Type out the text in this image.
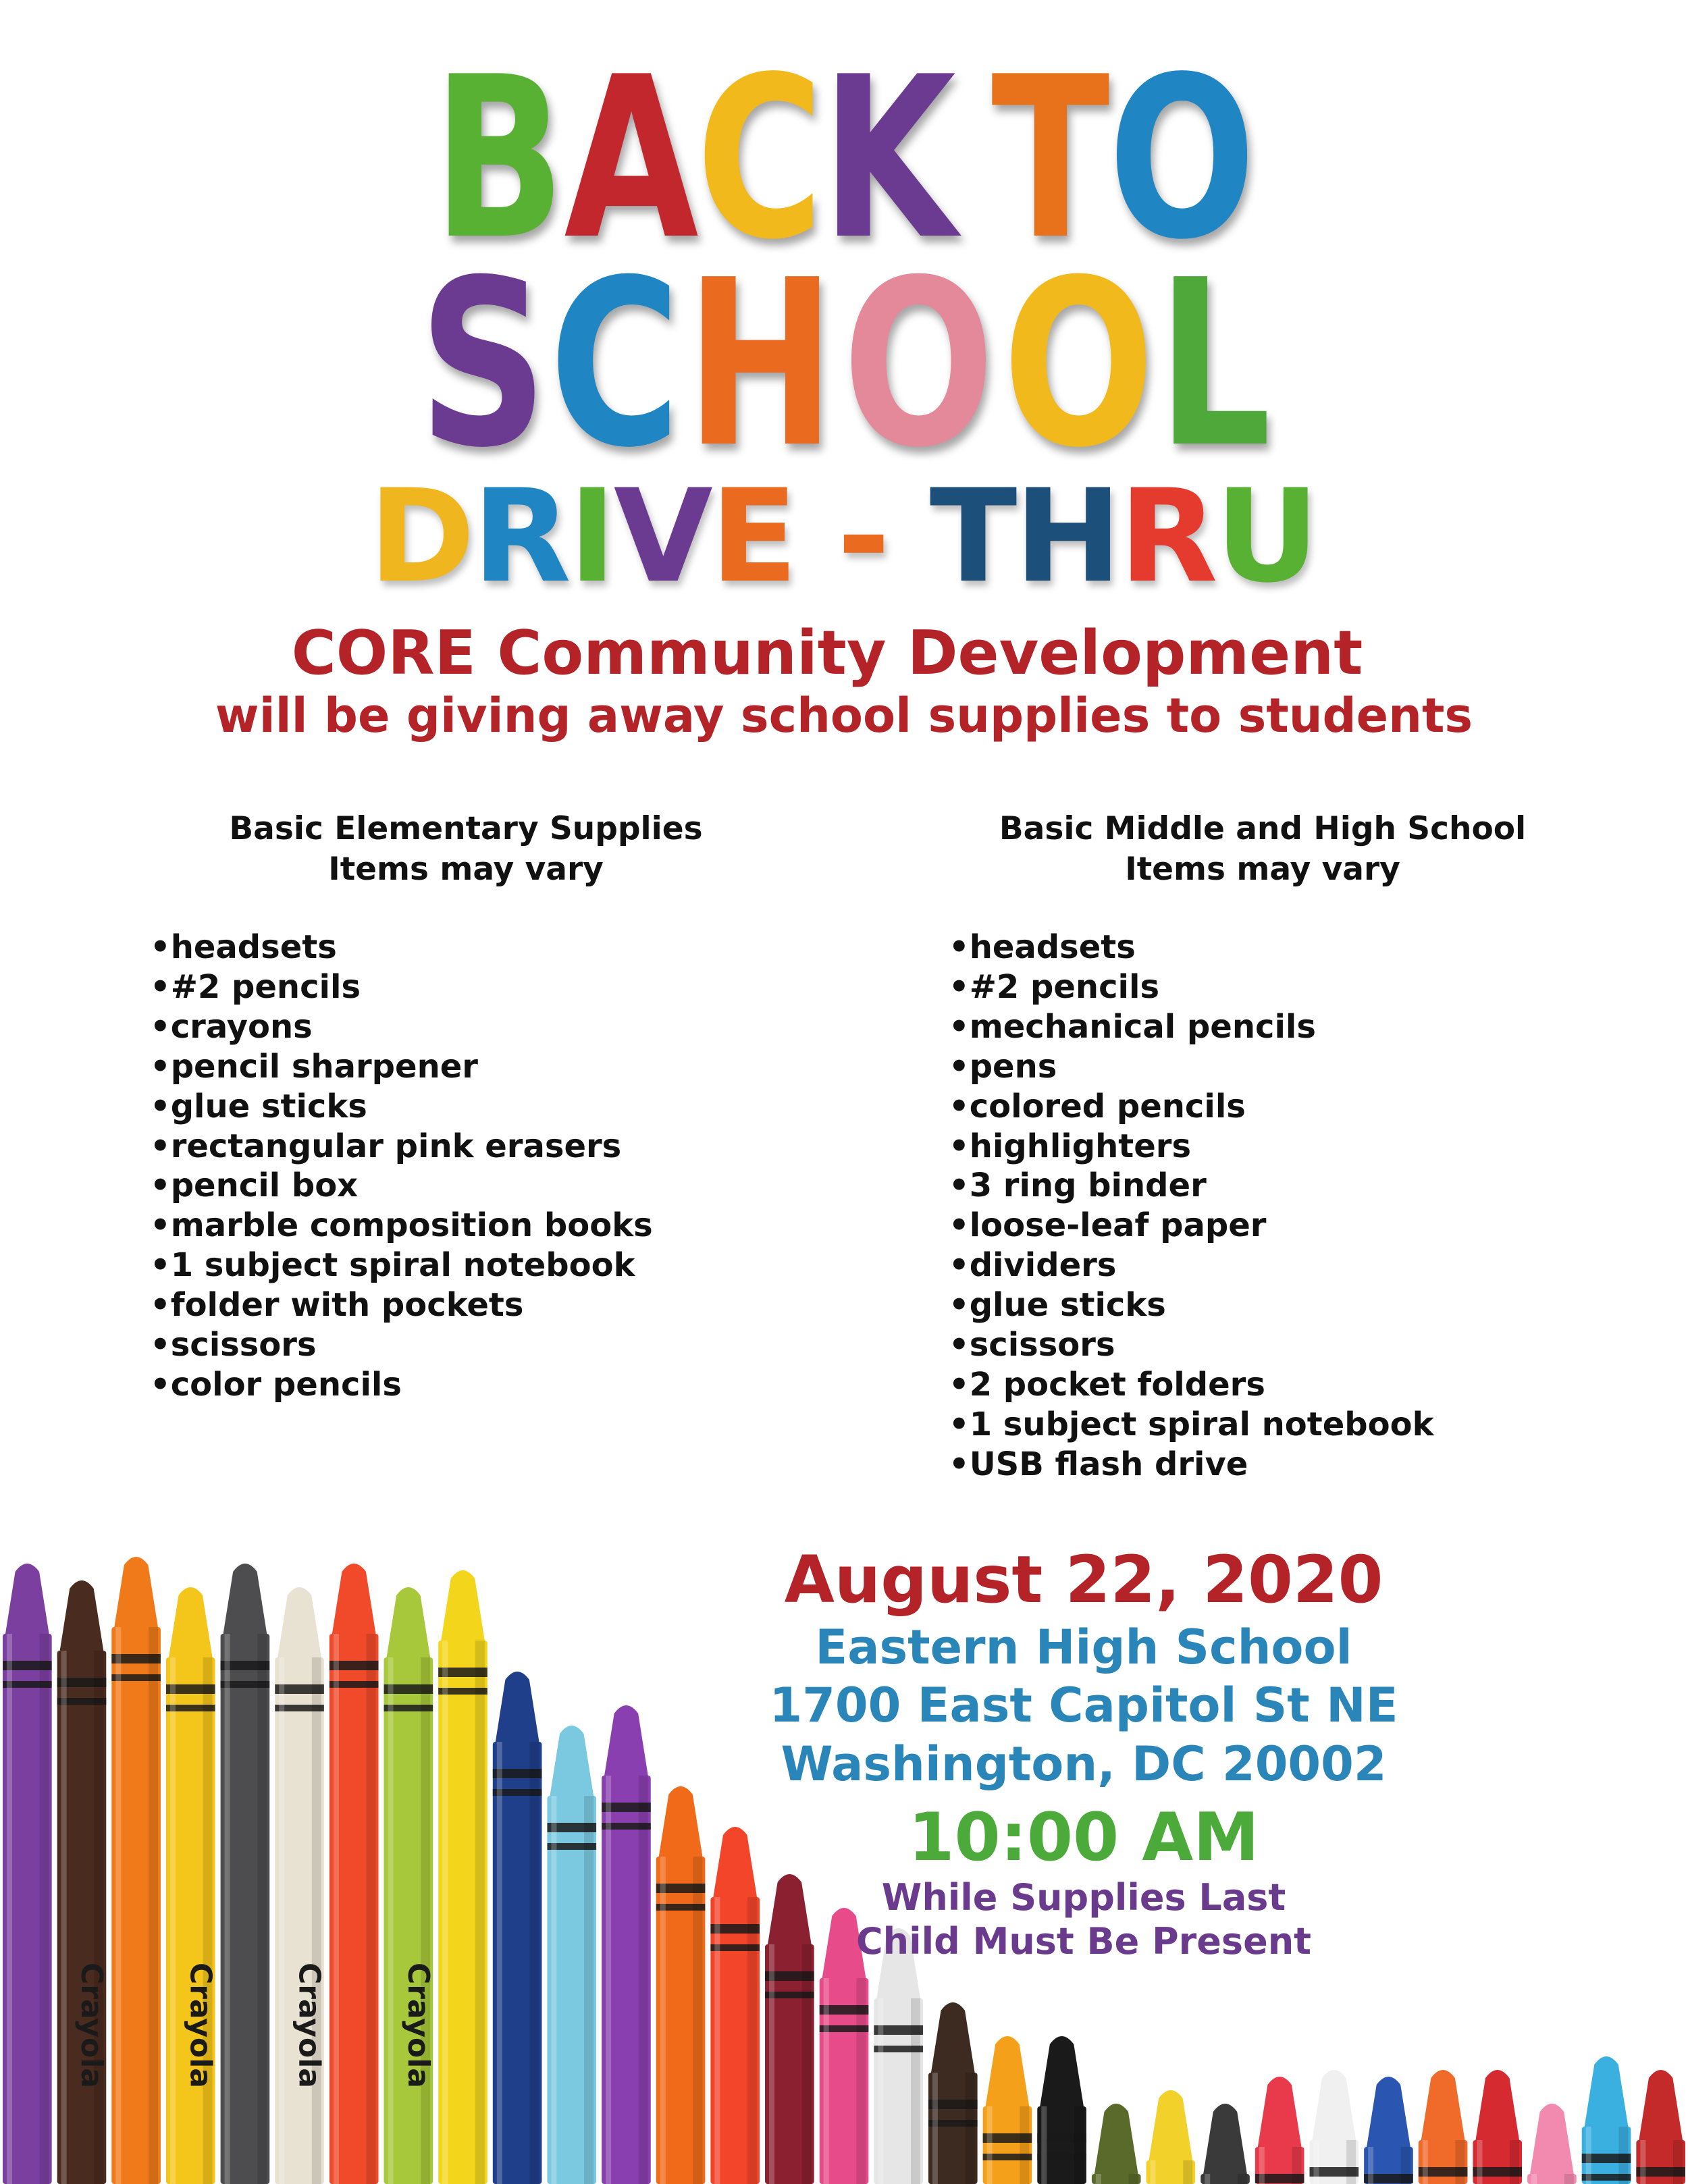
BACK TO
SCHOOL
DRIVE - THRU
CORE Community Development
will be giving away school supplies to students
Basic Elementary Supplies
Items may vary
• headsets
• #2 pencils
• crayons
• pencil sharpener
• glue sticks
• rectangular pink erasers
• pencil box
• marble composition books
• 1 subject spiral notebook
• folder with pockets
• scissors
• color pencils
Basic Middle and High School
Items may vary
• headsets
• #2 pencils
• mechanical pencils
• pens
• colored pencils
• highlighters
• 3 ring binder
• loose-leaf paper
• dividers
• glue sticks
• scissors
• 2 pocket folders
• 1 subject spiral notebook
• USB flash drive
Crayola	Crayola	Crayola	Crayola
August 22, 2020
Eastern High School
1700 East Capitol St NE
Washington, DC 20002
10:00 AM
While Supplies Last
Child Must Be Present
